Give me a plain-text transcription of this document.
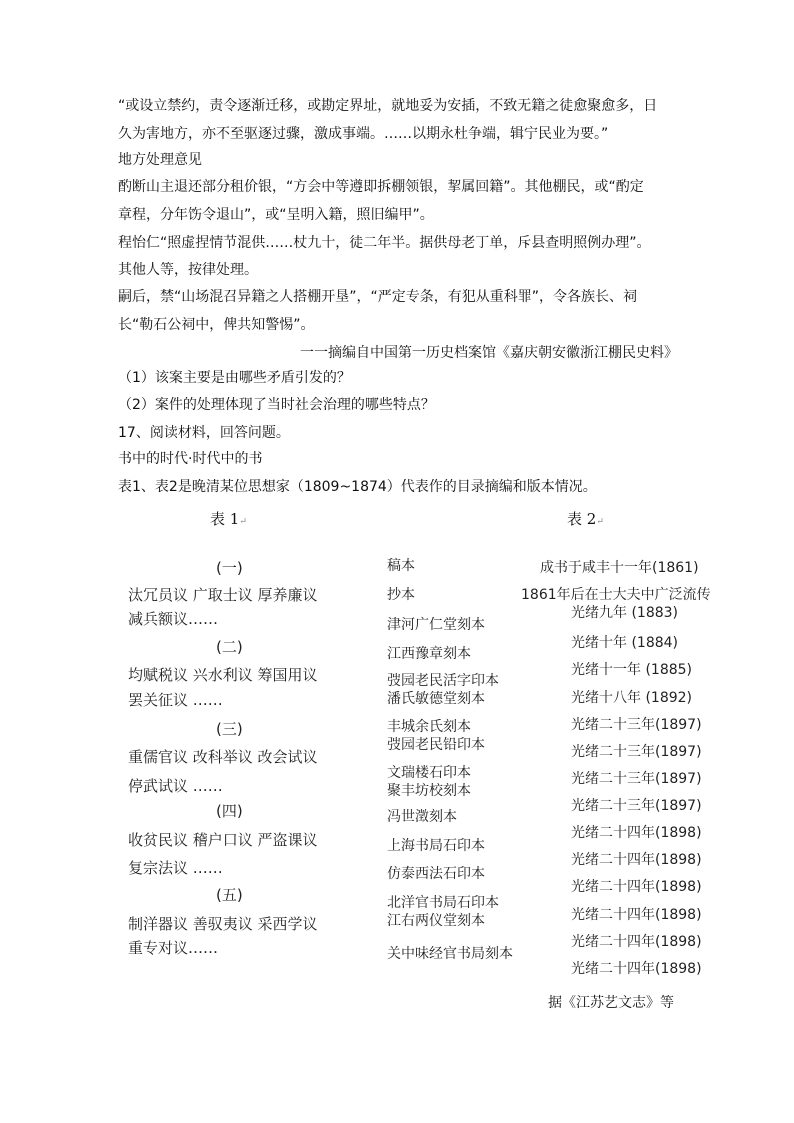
“或设立禁约，责令逐渐迁移，或勘定界址，就地妥为安插，不致无籍之徒愈聚愈多，日
久为害地方，亦不至驱逐过骤，激成事端。……以期永杜争端，辑宁民业为要。”
地方处理意见
酌断山主退还部分租价银，“方会中等遵即拆棚领银，挈属回籍”。其他棚民，或“酌定
章程，分年饬令退山”，或“呈明入籍，照旧编甲”。
程怡仁“照虚捏情节混供……杖九十，徒二年半。据供母老丁单，斥县查明照例办理”。
其他人等，按律处理。
嗣后，禁“山场混召异籍之人搭棚开垦”，“严定专条，有犯从重科罪”，令各族长、祠
长“勒石公祠中，俾共知警惕”。
一一摘编自中国第一历史档案馆《嘉庆朝安徽浙江棚民史料》
（1）该案主要是由哪些矛盾引发的？
（2）案件的处理体现了当时社会治理的哪些特点？
17、阅读材料，回答问题。
书中的时代·时代中的书
表1、表2是晚清某位思想家（1809~1874）代表作的目录摘编和版本情况。
表 1↵	表 2↵
(一)
汰冗员议 广取士议 厚养廉议
减兵额议……
(二)
均赋税议 兴水利议 筹国用议
罢关征议 ……
(三)
重儒官议 改科举议 改会试议
停武试议 ……
(四)
收贫民议 稽户口议 严盗课议
复宗法议 ……
(五)
制洋器议 善驭夷议 采西学议
重专对议……
稿本
抄本
津河广仁堂刻本
江西豫章刻本
弢园老民活字印本
潘氏敏德堂刻本
丰城余氏刻本
弢园老民铅印本
文瑞楼石印本
聚丰坊校刻本
冯世澂刻本
上海书局石印本
仿泰西法石印本
北洋官书局石印本
江右两仪堂刻本
关中味经官书局刻本
成书于咸丰十一年(1861)
1861年后在士大夫中广泛流传
光绪九年 (1883)
光绪十年 (1884)
光绪十一年 (1885)
光绪十八年 (1892)
光绪二十三年(1897)
光绪二十三年(1897)
光绪二十三年(1897)
光绪二十三年(1897)
光绪二十四年(1898)
光绪二十四年(1898)
光绪二十四年(1898)
光绪二十四年(1898)
光绪二十四年(1898)
光绪二十四年(1898)
据《江苏艺文志》等
